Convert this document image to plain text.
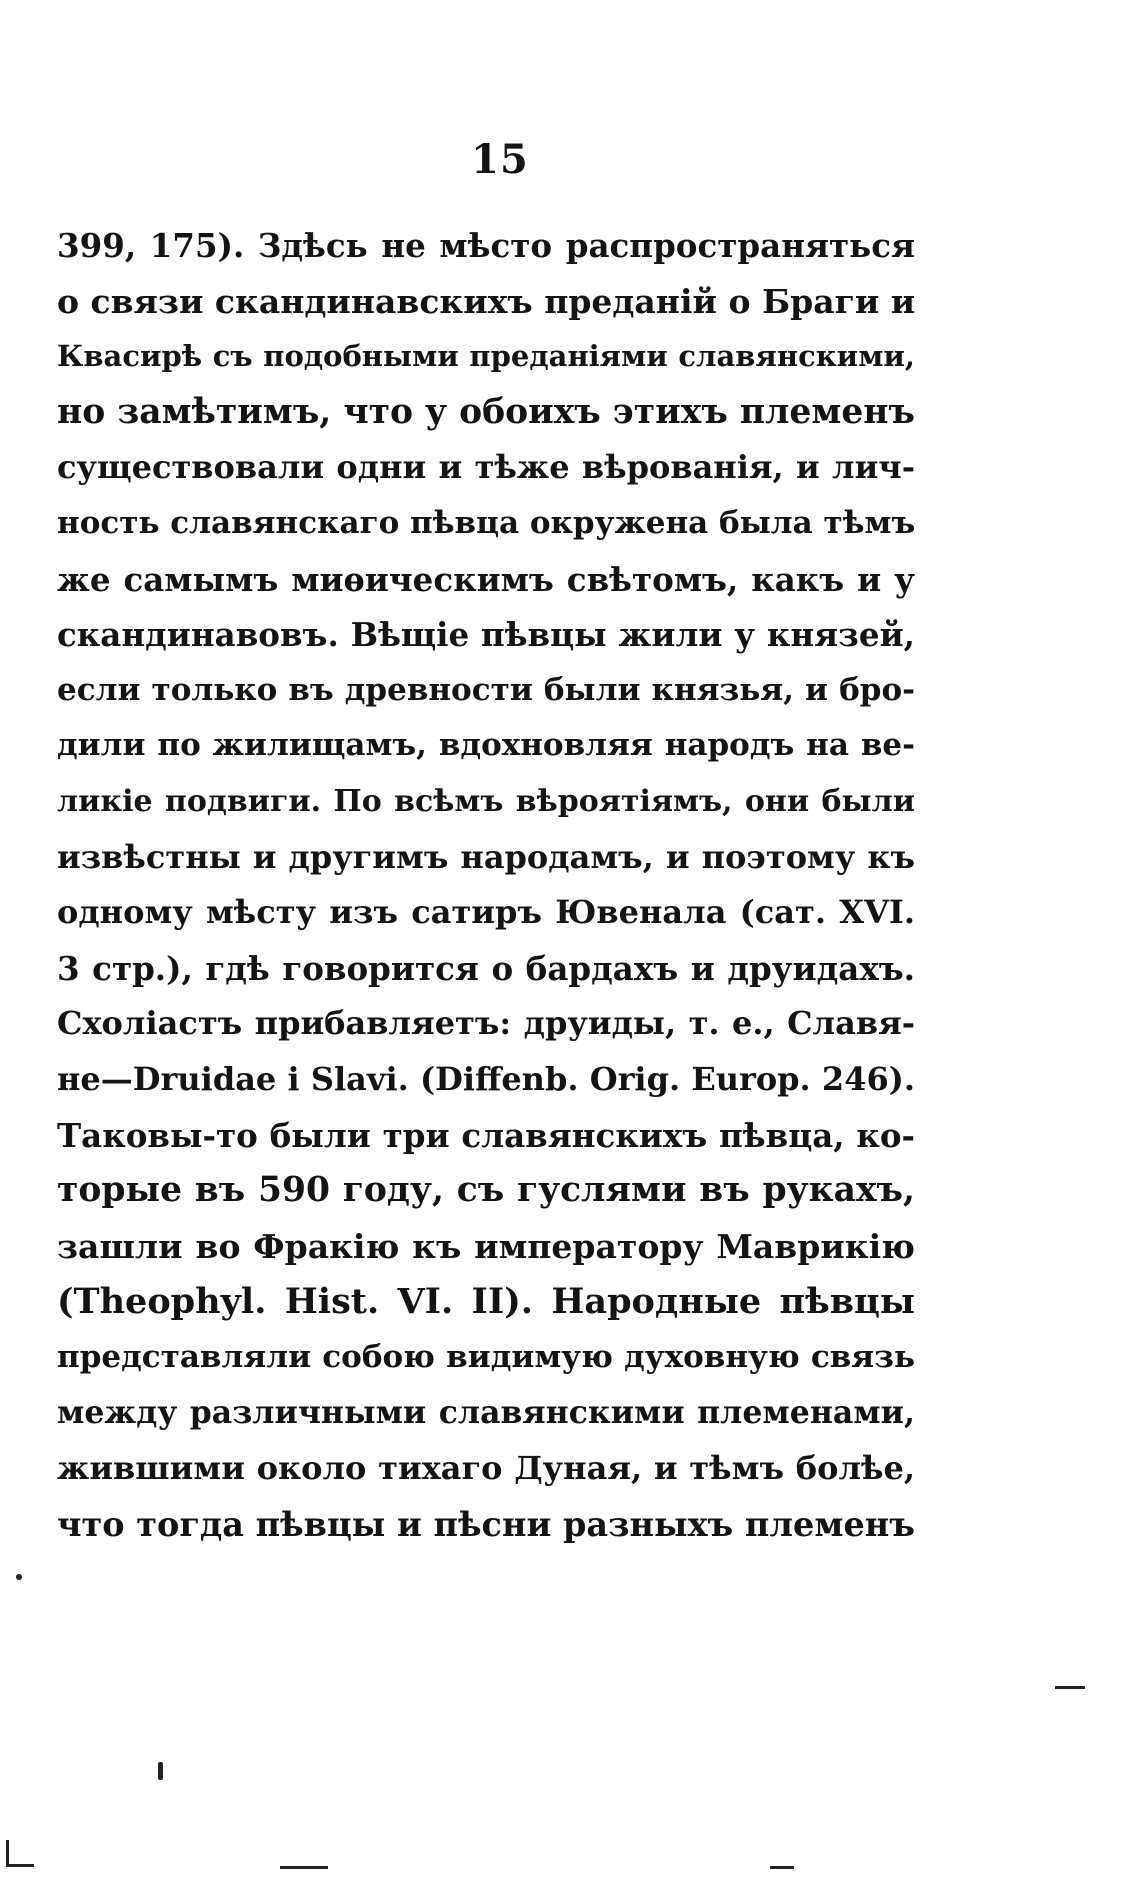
15
399, 175). Здѣсь не мѣсто распространяться
о связи скандинавскихъ преданій о Браги и
Квасирѣ съ подобными преданіями славянскими,
но замѣтимъ, что у обоихъ этихъ племенъ
существовали одни и тѣже вѣрованія, и лич-
ность славянскаго пѣвца окружена была тѣмъ
же самымъ миѳическимъ свѣтомъ, какъ и у
скандинавовъ. Вѣщіе пѣвцы жили у князей,
если только въ древности были князья, и бро-
дили по жилищамъ, вдохновляя народъ на ве-
ликіе подвиги. По всѣмъ вѣроятіямъ, они были
извѣстны и другимъ народамъ, и поэтому къ
одному мѣсту изъ сатиръ Ювенала (сат. XVI.
3 стр.), гдѣ говорится о бардахъ и друидахъ.
Схоліастъ прибавляетъ: друиды, т. е., Славя-
не—Druidae i Slavi. (Diffenb. Orig. Europ. 246).
Таковы-то были три славянскихъ пѣвца, ко-
торые въ 590 году, съ гуслями въ рукахъ,
зашли во Фракію къ императору Маврикію
(Theophyl. Hist. VI. II). Народные пѣвцы
представляли собою видимую духовную связь
между различными славянскими племенами,
жившими около тихаго Дуная, и тѣмъ болѣе,
что тогда пѣвцы и пѣсни разныхъ племенъ
